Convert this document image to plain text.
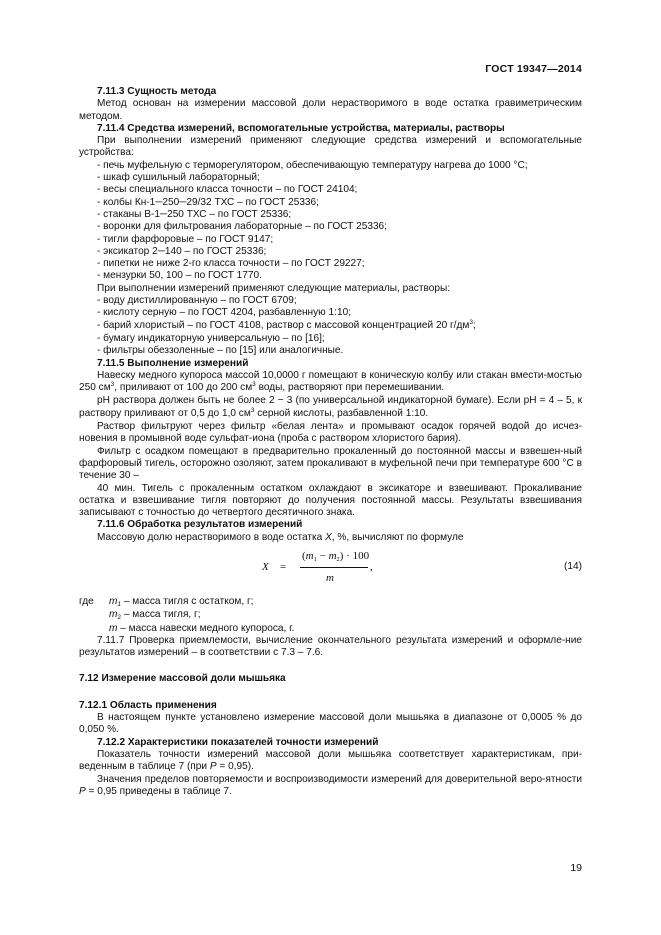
ГОСТ 19347—2014

7.11.3 Сущность метода

Метод основан на измерении массовой доли нерастворимого в воде остатка гравиметрическим методом.

7.11.4 Средства измерений, вспомогательные устройства, материалы, растворы

При выполнении измерений применяют следующие средства измерений и вспомогательные устройства:

- печь муфельную с терморегулятором, обеспечивающую температуру нагрева до 1000 °С;

- шкаф сушильный лабораторный;

- весы специального класса точности – по ГОСТ 24104;

- колбы Кн-1─250─29/32 ТХС – по ГОСТ 25336;

- стаканы В-1─250 ТХС – по ГОСТ 25336;

- воронки для фильтрования лабораторные – по ГОСТ 25336;

- тигли фарфоровые – по ГОСТ 9147;

- эксикатор 2─140 – по ГОСТ 25336;

- пипетки не ниже 2-го класса точности – по ГОСТ 29227;

- мензурки 50, 100 – по ГОСТ 1770.

При выполнении измерений применяют следующие материалы, растворы:

- воду дистиллированную – по ГОСТ 6709;

- кислоту серную – по ГОСТ 4204, разбавленную 1:10;

- барий хлористый – по ГОСТ 4108, раствор с массовой концентрацией 20 $г/дм^3$;

- бумагу индикаторную универсальную – по [16];

- фильтры обеззоленные – по [15] или аналогичные.

7.11.5 Выполнение измерений

Навеску медного купороса массой 10,0000 г помещают в коническую колбу или стакан вмести-мостью 250 $см^3$, приливают от 100 до 200 $см^3$ воды, растворяют при перемешивании.

pH раствора должен быть не более 2 − 3 (по универсальной индикаторной бумаге). Если pH = 4 – 5, к раствору приливают от 0,5 до 1,0 $см^3$ серной кислоты, разбавленной 1:10.

Раствор фильтруют через фильтр «белая лента» и промывают осадок горячей водой до исчез-новения в промывной воде сульфат-иона (проба с раствором хлористого бария).

Фильтр с осадком помещают в предварительно прокаленный до постоянной массы и взвешен-ный фарфоровый тигель, осторожно озоляют, затем прокаливают в муфельной печи при температуре 600 °С в течение 30 –

40 мин. Тигель с прокаленным остатком охлаждают в эксикаторе и взвешивают. Прокаливание остатка и взвешивание тигля повторяют до получения постоянной массы. Результаты взвешивания записывают с точностью до четвертого десятичного знака.

7.11.6 Обработка результатов измерений

Массовую долю нерастворимого в воде остатка X, %, вычисляют по формуле

X =
(m1 − m2) · 100
m
,	(14)
где	m1 – масса тигля с остатком, г;

m2 – масса тигля, г;

m – масса навески медного купороса, г.

7.11.7 Проверка приемлемости, вычисление окончательного результата измерений и оформле-ние результатов измерений – в соответствии с 7.3 – 7.6.

7.12 Измерение массовой доли мышьяка

7.12.1 Область применения

В настоящем пункте установлено измерение массовой доли мышьяка в диапазоне от 0,0005 % до 0,050 %.

7.12.2 Характеристики показателей точности измерений

Показатель точности измерений массовой доли мышьяка соответствует характеристикам, при-веденным в таблице 7 (при P = 0,95).

Значения пределов повторяемости и воспроизводимости измерений для доверительной веро-ятности P = 0,95 приведены в таблице 7.

19
